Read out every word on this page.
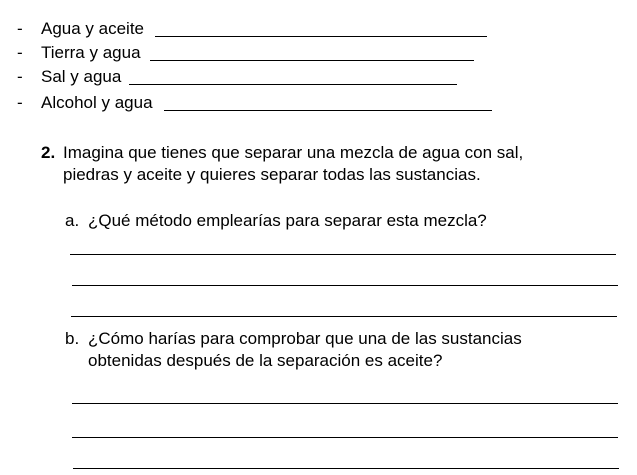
- Agua y aceite
- Tierra y agua
- Sal y agua
- Alcohol y agua
2. Imagina que tienes que separar una mezcla de agua con sal,
piedras y aceite y quieres separar todas las sustancias.
a. ¿Qué método emplearías para separar esta mezcla?
b. ¿Cómo harías para comprobar que una de las sustancias
obtenidas después de la separación es aceite?
